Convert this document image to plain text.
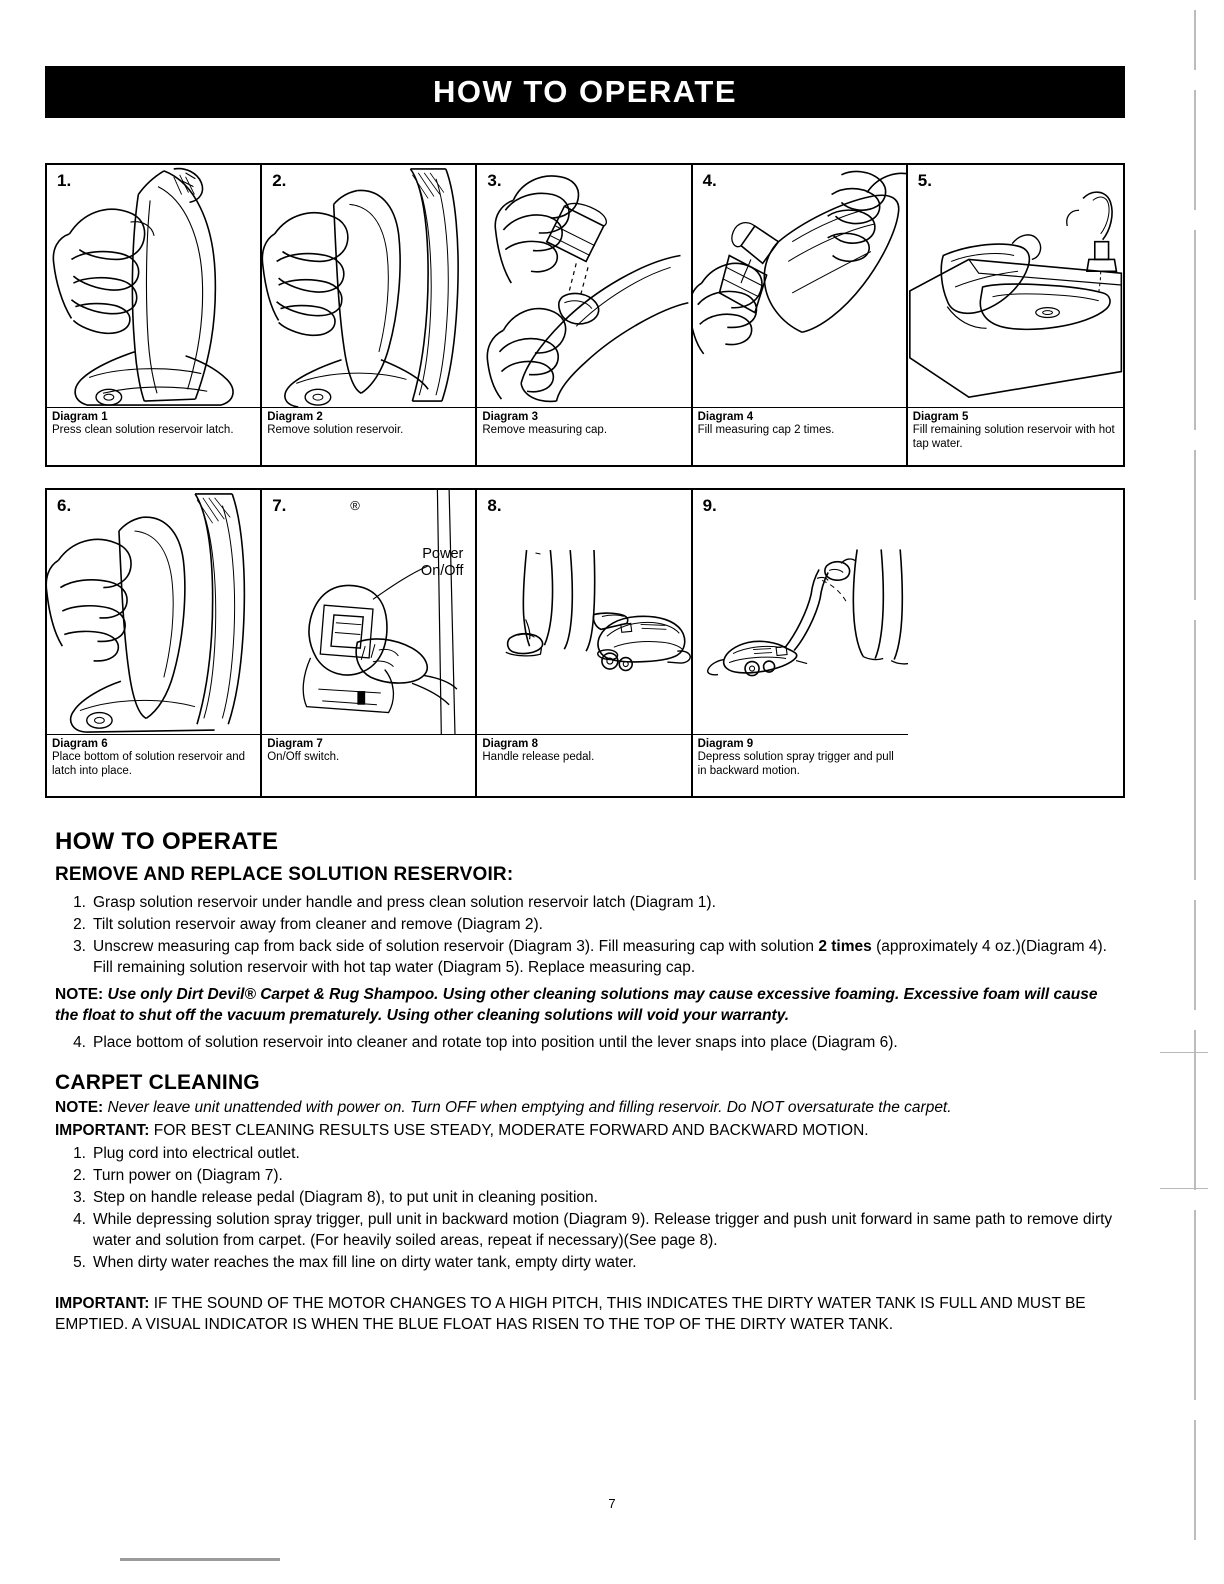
HOW TO OPERATE
1.
Diagram 1
Press clean solution reservoir latch.
2.
Diagram 2
Remove solution reservoir.
3.
Diagram 3
Remove measuring cap.
4.
Diagram 4
Fill measuring cap 2 times.
5.
Diagram 5
Fill remaining solution reservoir with hot tap water.
6.
Diagram 6
Place bottom of solution reservoir and latch into place.
7.	®
Power
On/Off
Diagram 7
On/Off switch.
8.
Diagram 8
Handle release pedal.
9.
Diagram 9
Depress solution spray trigger and pull in backward motion.
HOW TO OPERATE
REMOVE AND REPLACE SOLUTION RESERVOIR:
1. Grasp solution reservoir under handle and press clean solution reservoir latch (Diagram 1).
2. Tilt solution reservoir away from cleaner and remove (Diagram 2).
3. Unscrew measuring cap from back side of solution reservoir (Diagram 3). Fill measuring cap with solution 2 times (approximately 4 oz.)(Diagram 4). Fill remaining solution reservoir with hot tap water (Diagram 5). Replace measuring cap.

NOTE: Use only Dirt Devil® Carpet & Rug Shampoo. Using other cleaning solutions may cause excessive foaming. Excessive foam will cause the float to shut off the vacuum prematurely. Using other cleaning solutions will void your warranty.

4. Place bottom of solution reservoir into cleaner and rotate top into position until the lever snaps into place (Diagram 6).
CARPET CLEANING

NOTE: Never leave unit unattended with power on. Turn OFF when emptying and filling reservoir. Do NOT oversaturate the carpet.

IMPORTANT: FOR BEST CLEANING RESULTS USE STEADY, MODERATE FORWARD AND BACKWARD MOTION.

1. Plug cord into electrical outlet.
2. Turn power on (Diagram 7).
3. Step on handle release pedal (Diagram 8), to put unit in cleaning position.
4. While depressing solution spray trigger, pull unit in backward motion (Diagram 9). Release trigger and push unit forward in same path to remove dirty water and solution from carpet. (For heavily soiled areas, repeat if necessary)(See page 8).
5. When dirty water reaches the max fill line on dirty water tank, empty dirty water.

IMPORTANT: IF THE SOUND OF THE MOTOR CHANGES TO A HIGH PITCH, THIS INDICATES THE DIRTY WATER TANK IS FULL AND MUST BE EMPTIED. A VISUAL INDICATOR IS WHEN THE BLUE FLOAT HAS RISEN TO THE TOP OF THE DIRTY WATER TANK.

7
